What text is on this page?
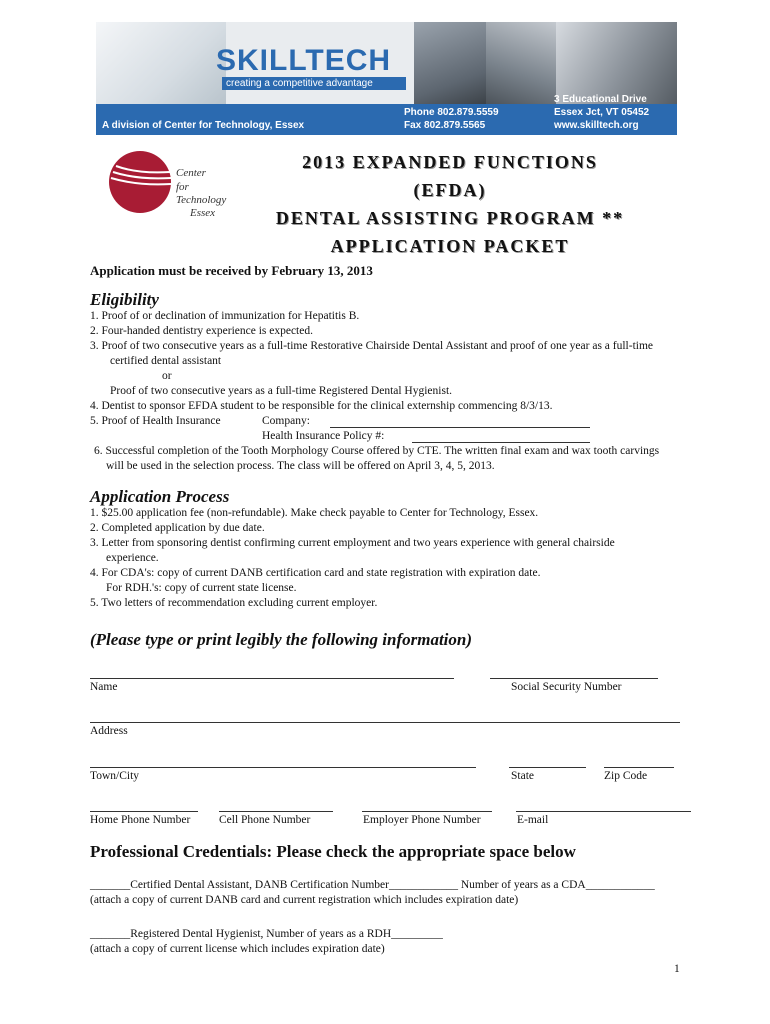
SKILLTECH
creating a competitive advantage
A division of Center for Technology, Essex
Phone 802.879.5559
Fax 802.879.5565
3 Educational Drive
Essex Jct, VT 05452
www.skilltech.org
Center
for
Technology
Essex
2013 EXPANDED FUNCTIONS
(EFDA)
DENTAL ASSISTING PROGRAM **
APPLICATION PACKET
Application must be received by February 13, 2013
Eligibility
1. Proof of or declination of immunization for Hepatitis B.
2. Four-handed dentistry experience is expected.
3. Proof of two consecutive years as a full-time Restorative Chairside Dental Assistant and proof of one year as a full-time
certified dental assistant
or
Proof of two consecutive years as a full-time Registered Dental Hygienist.
4. Dentist to sponsor EFDA student to be responsible for the clinical externship commencing 8/3/13.
5. Proof of Health Insurance	Company:
Health Insurance Policy #:
6. Successful completion of the Tooth Morphology Course offered by CTE. The written final exam and wax tooth carvings
will be used in the selection process. The class will be offered on April 3, 4, 5, 2013.
Application Process
1. $25.00 application fee (non-refundable). Make check payable to Center for Technology, Essex.
2. Completed application by due date.
3. Letter from sponsoring dentist confirming current employment and two years experience with general chairside
experience.
4. For CDA's: copy of current DANB certification card and state registration with expiration date.
For RDH.'s: copy of current state license.
5. Two letters of recommendation excluding current employer.
(Please type or print legibly the following information)
Name	Social Security Number
Address
Town/City	State	Zip Code
Home Phone Number Cell Phone Number	Employer Phone Number	E-mail
Professional Credentials: Please check the appropriate space below
_______Certified Dental Assistant, DANB Certification Number____________ Number of years as a CDA____________
(attach a copy of current DANB card and current registration which includes expiration date)
_______Registered Dental Hygienist, Number of years as a RDH_________
(attach a copy of current license which includes expiration date)
1
